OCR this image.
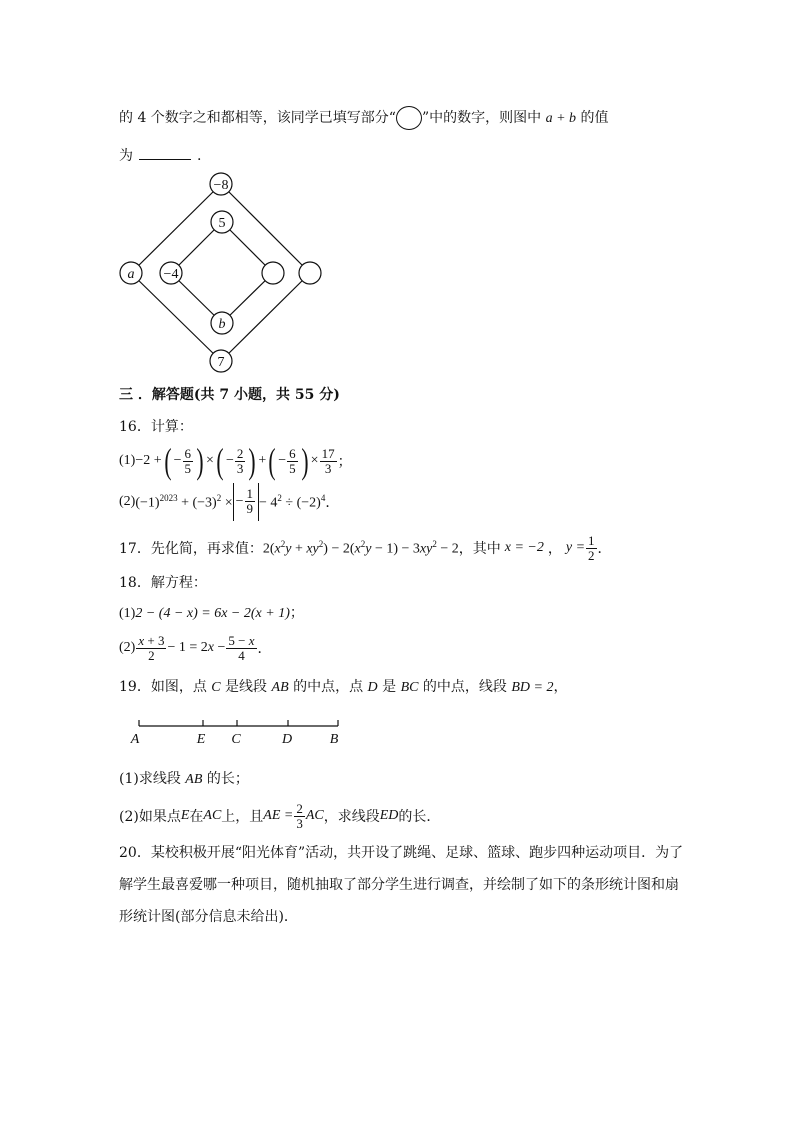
的 4 个数字之和都相等，该同学已填写部分“ ”中的数字，则图中 a + b 的值
为	.
−8
5
a −4
b
7
三 ．解答题(共 7 小题，共 55 分)
16．计算：
(1) −2 + ( − $\frac{6}{5}$ ) × ( − $\frac{2}{3}$ ) + ( − $\frac{6}{5}$ ) × $\frac{17}{3}$ ；
(2) $(-1)^{2023} + (-3)^2$ × − $\frac{1}{9} - 4^2 \div (-2)^4$ ．
17．先化简，再求值： $2(x^2y + xy^2) - 2(x^2y - 1) - 3xy^2 - 2$ ，其中 x = −2 ， $y = \frac{1}{2}$ ．
18．解方程：
(1)2 − (4 − x) = 6x − 2(x + 1)；
(2) x + 3
$2 - 1 = 2x - \frac{5 - x}{4}$ ．
19．如图，点 C 是线段 AB 的中点，点 D 是 BC 的中点，线段 BD = 2，
A	E C	D	B
(1)求线段 AB 的长；
(2)如果点 E 在 AC 上，且 AE = $\frac{2}{3}$ AC ，求线段 ED 的长．
20．某校积极开展“阳光体育”活动，共开设了跳绳、足球、篮球、跑步四种运动项目．为了
解学生最喜爱哪一种项目，随机抽取了部分学生进行调查，并绘制了如下的条形统计图和扇
形统计图(部分信息未给出)．
